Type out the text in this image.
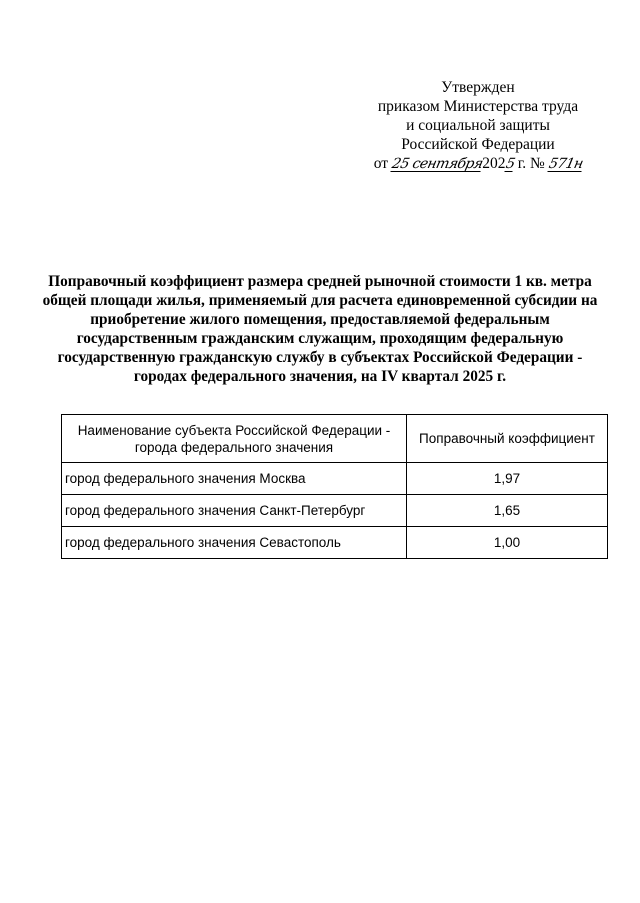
Утвержден
приказом Министерства труда
и социальной защиты
Российской Федерации
от 25 сентября2025 г. № 571н
Поправочный коэффициент размера средней рыночной стоимости 1 кв. метра
общей площади жилья, применяемый для расчета единовременной субсидии на
приобретение жилого помещения, предоставляемой федеральным
государственным гражданским служащим, проходящим федеральную
государственную гражданскую службу в субъектах Российской Федерации -
городах федерального значения, на IV квартал 2025 г.
Наименование субъекта Российской Федерации - города федерального значения	Поправочный коэффициент
город федерального значения Москва	1,97
город федерального значения Санкт-Петербург	1,65
город федерального значения Севастополь	1,00
